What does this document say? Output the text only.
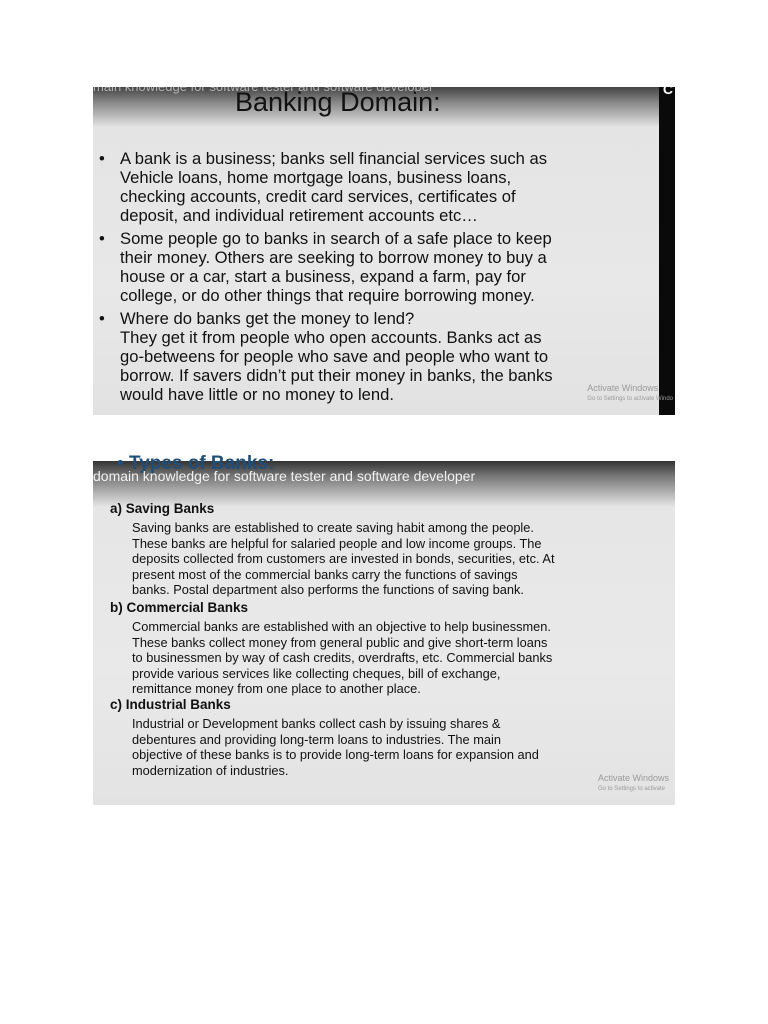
main knowledge for software tester and software developer	C
Banking Domain:
• A bank is a business; banks sell financial services such as
Vehicle loans, home mortgage loans, business loans,
checking accounts, credit card services, certificates of
deposit, and individual retirement accounts etc…
• Some people go to banks in search of a safe place to keep
their money. Others are seeking to borrow money to buy a
house or a car, start a business, expand a farm, pay for
college, or do other things that require borrowing money.
• Where do banks get the money to lend?
They get it from people who open accounts. Banks act as
go-betweens for people who save and people who want to
borrow. If savers didn’t put their money in banks, the banks
would have little or no money to lend.	Activate Windows
Go to Settings to activate Windo
• Types of Banks:
domain knowledge for software tester and software developer
a) Saving Banks
Saving banks are established to create saving habit among the people.
These banks are helpful for salaried people and low income groups. The
deposits collected from customers are invested in bonds, securities, etc. At
present most of the commercial banks carry the functions of savings
banks. Postal department also performs the functions of saving bank.
b) Commercial Banks
Commercial banks are established with an objective to help businessmen.
These banks collect money from general public and give short-term loans
to businessmen by way of cash credits, overdrafts, etc. Commercial banks
provide various services like collecting cheques, bill of exchange,
remittance money from one place to another place.
c) Industrial Banks
Industrial or Development banks collect cash by issuing shares &
debentures and providing long-term loans to industries. The main
objective of these banks is to provide long-term loans for expansion and
modernization of industries.
Activate Windows
Go to Settings to activate
